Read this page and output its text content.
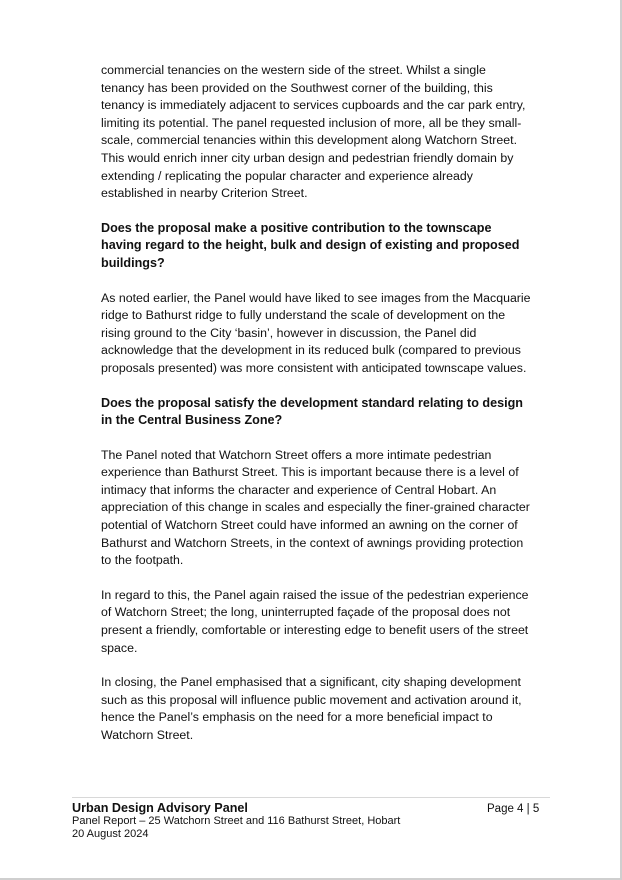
commercial tenancies on the western side of the street. Whilst a single tenancy has been provided on the Southwest corner of the building, this tenancy is immediately adjacent to services cupboards and the car park entry, limiting its potential. The panel requested inclusion of more, all be they small-scale, commercial tenancies within this development along Watchorn Street. This would enrich inner city urban design and pedestrian friendly domain by extending / replicating the popular character and experience already established in nearby Criterion Street.

Does the proposal make a positive contribution to the townscape having regard to the height, bulk and design of existing and proposed buildings?

As noted earlier, the Panel would have liked to see images from the Macquarie ridge to Bathurst ridge to fully understand the scale of development on the rising ground to the City ‘basin’, however in discussion, the Panel did acknowledge that the development in its reduced bulk (compared to previous proposals presented) was more consistent with anticipated townscape values.

Does the proposal satisfy the development standard relating to design in the Central Business Zone?

The Panel noted that Watchorn Street offers a more intimate pedestrian experience than Bathurst Street. This is important because there is a level of intimacy that informs the character and experience of Central Hobart. An appreciation of this change in scales and especially the finer-grained character potential of Watchorn Street could have informed an awning on the corner of Bathurst and Watchorn Streets, in the context of awnings providing protection to the footpath.

In regard to this, the Panel again raised the issue of the pedestrian experience of Watchorn Street; the long, uninterrupted façade of the proposal does not present a friendly, comfortable or interesting edge to benefit users of the street space.

In closing, the Panel emphasised that a significant, city shaping development such as this proposal will influence public movement and activation around it, hence the Panel’s emphasis on the need for a more beneficial impact to Watchorn Street.

Urban Design Advisory Panel
Panel Report – 25 Watchorn Street and 116 Bathurst Street, Hobart
20 August 2024
Page 4 | 5
